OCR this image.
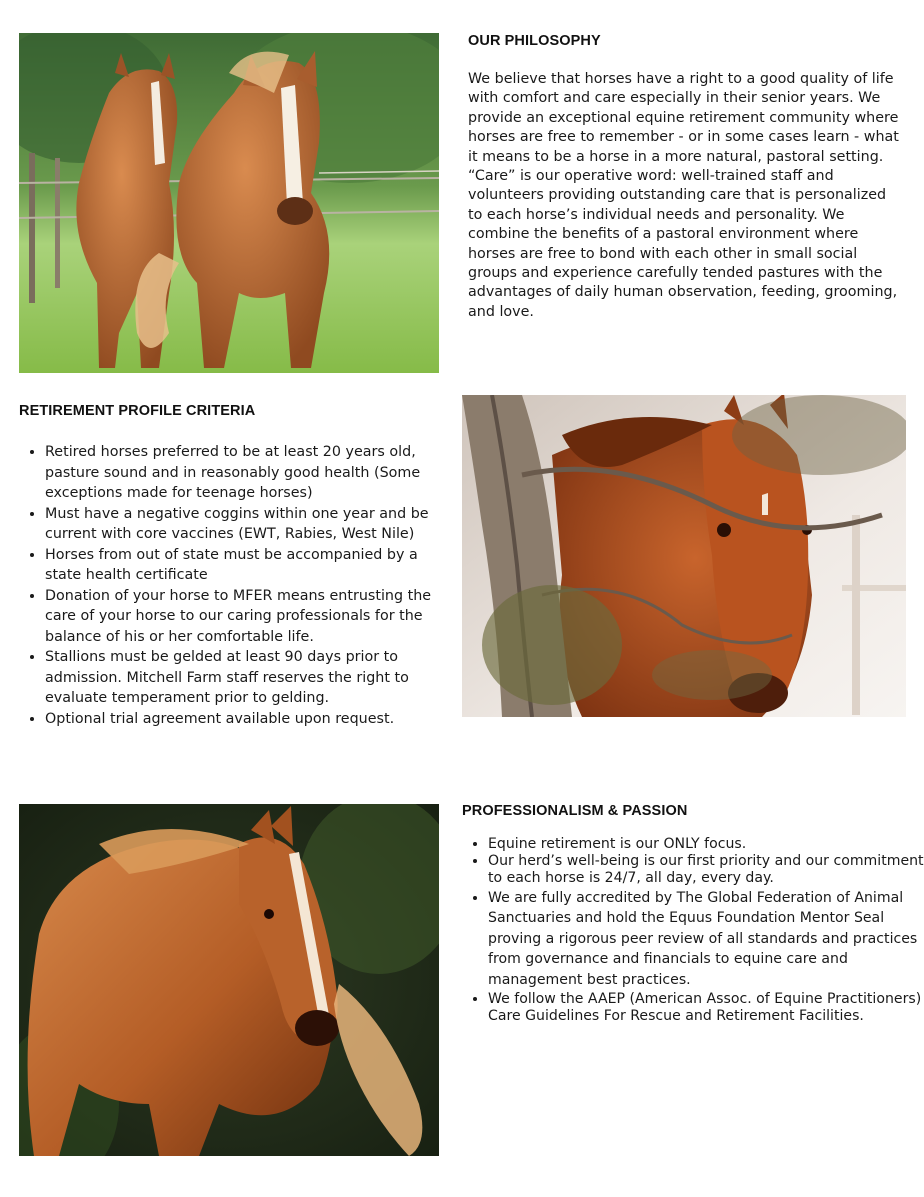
OUR PHILOSOPHY

We believe that horses have a right to a good quality of life with comfort and care especially in their senior years. We provide an exceptional equine retirement community where horses are free to remember - or in some cases learn - what it means to be a horse in a more natural, pastoral setting. “Care” is our operative word: well-trained staff and volunteers providing outstanding care that is personalized to each horse’s individual needs and personality. We combine the benefits of a pastoral environment where horses are free to bond with each other in small social groups and experience carefully tended pastures with the advantages of daily human observation, feeding, grooming, and love.

RETIREMENT PROFILE CRITERIA
• Retired horses preferred to be at least 20 years old, pasture sound and in reasonably good health (Some exceptions made for teenage horses)
• Must have a negative coggins within one year and be current with core vaccines (EWT, Rabies, West Nile)
• Horses from out of state must be accompanied by a state health certificate
• Donation of your horse to MFER means entrusting the care of your horse to our caring professionals for the balance of his or her comfortable life.
• Stallions must be gelded at least 90 days prior to admission. Mitchell Farm staff reserves the right to evaluate temperament prior to gelding.
• Optional trial agreement available upon request.
PROFESSIONALISM & PASSION
• Equine retirement is our ONLY focus.
• Our herd’s well-being is our first priority and our commitment to each horse is 24/7, all day, every day.
• We are fully accredited by The Global Federation of Animal Sanctuaries and hold the Equus Foundation Mentor Seal proving a rigorous peer review of all standards and practices from governance and financials to equine care and management best practices.
• We follow the AAEP (American Assoc. of Equine Practitioners) Care Guidelines For Rescue and Retirement Facilities.
